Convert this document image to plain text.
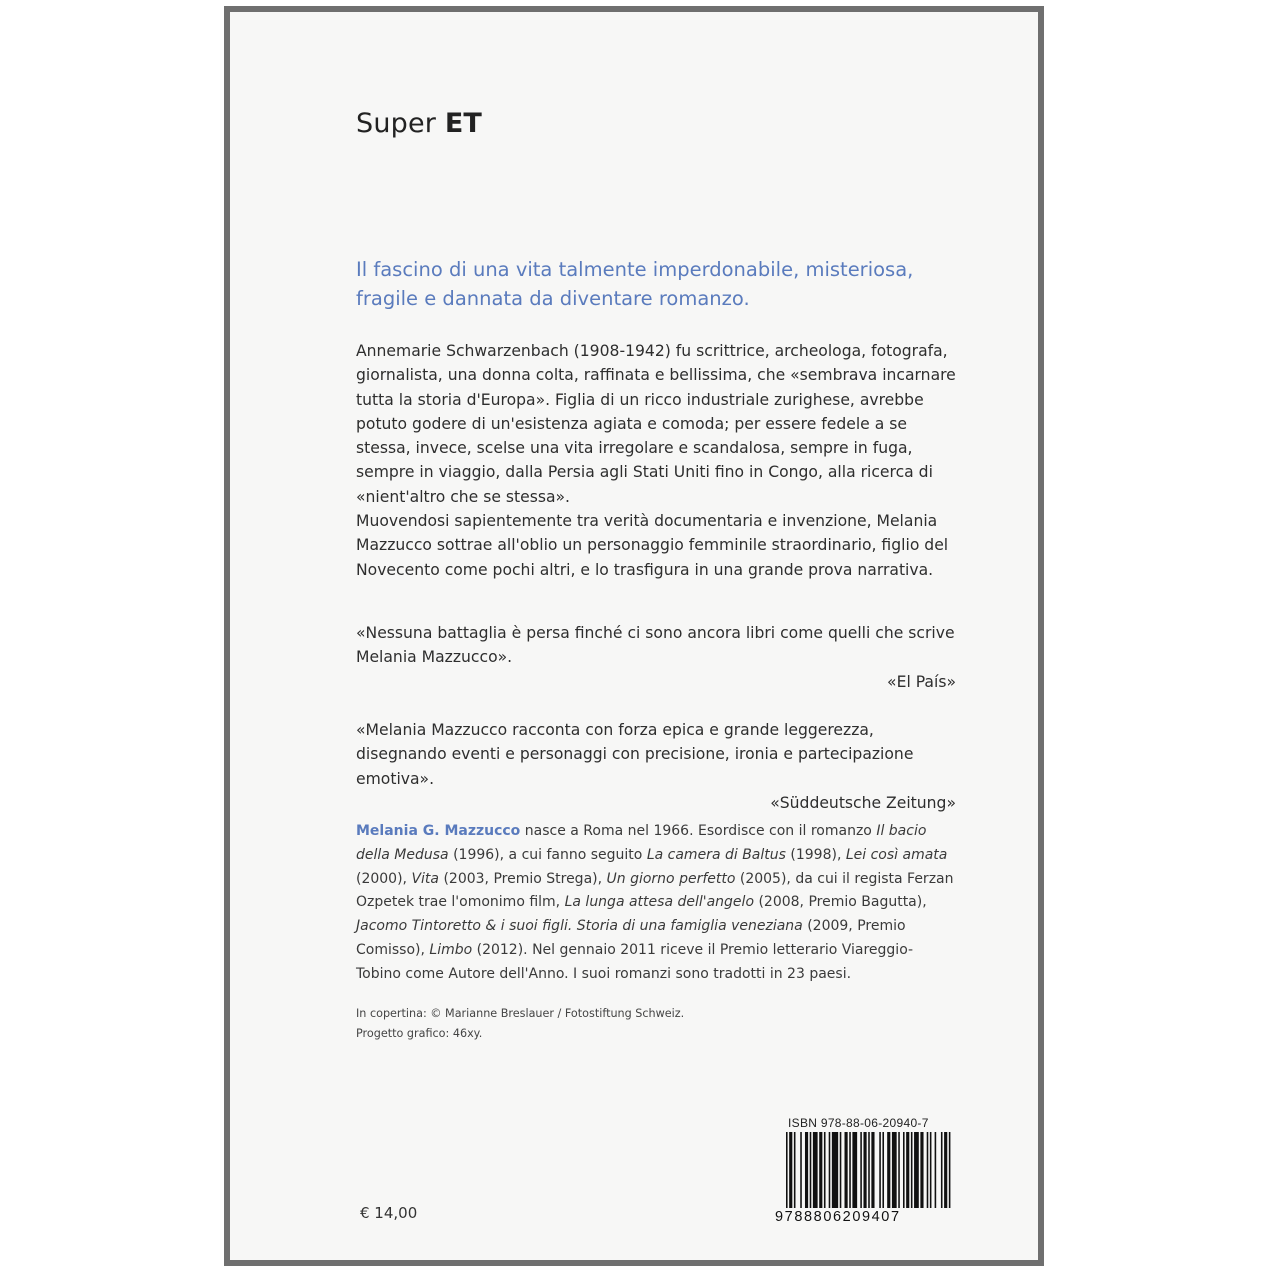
Super ET
Il fascino di una vita talmente imperdonabile, misteriosa, fragile e dannata da diventare romanzo.

Annemarie Schwarzenbach (1908-1942) fu scrittrice, archeologa, fotografa, giornalista, una donna colta, raffinata e bellissima, che «sembrava incarnare tutta la storia d'Europa». Figlia di un ricco industriale zurighese, avrebbe potuto godere di un'esistenza agiata e comoda; per essere fedele a se stessa, invece, scelse una vita irregolare e scandalosa, sempre in fuga, sempre in viaggio, dalla Persia agli Stati Uniti fino in Congo, alla ricerca di «nient'altro che se stessa».

Muovendosi sapientemente tra verità documentaria e invenzione, Melania Mazzucco sottrae all'oblio un personaggio femminile straordinario, figlio del Novecento come pochi altri, e lo trasfigura in una grande prova narrativa.

«Nessuna battaglia è persa finché ci sono ancora libri come quelli che scrive Melania Mazzucco».

«El País»

«Melania Mazzucco racconta con forza epica e grande leggerezza, disegnando eventi e personaggi con precisione, ironia e partecipazione emotiva».

«Süddeutsche Zeitung»

Melania G. Mazzucco nasce a Roma nel 1966. Esordisce con il romanzo Il bacio della Medusa (1996), a cui fanno seguito La camera di Baltus (1998), Lei così amata (2000), Vita (2003, Premio Strega), Un giorno perfetto (2005), da cui il regista Ferzan Ozpetek trae l'omonimo film, La lunga attesa dell'angelo (2008, Premio Bagutta), Jacomo Tintoretto & i suoi figli. Storia di una famiglia veneziana (2009, Premio Comisso), Limbo (2012). Nel gennaio 2011 riceve il Premio letterario Viareggio-Tobino come Autore dell'Anno. I suoi romanzi sono tradotti in 23 paesi.
In copertina: © Marianne Breslauer / Fotostiftung Schweiz.
Progetto grafico: 46xy.
€ 14,00
ISBN 978-88-06-20940-7
9788806209407
